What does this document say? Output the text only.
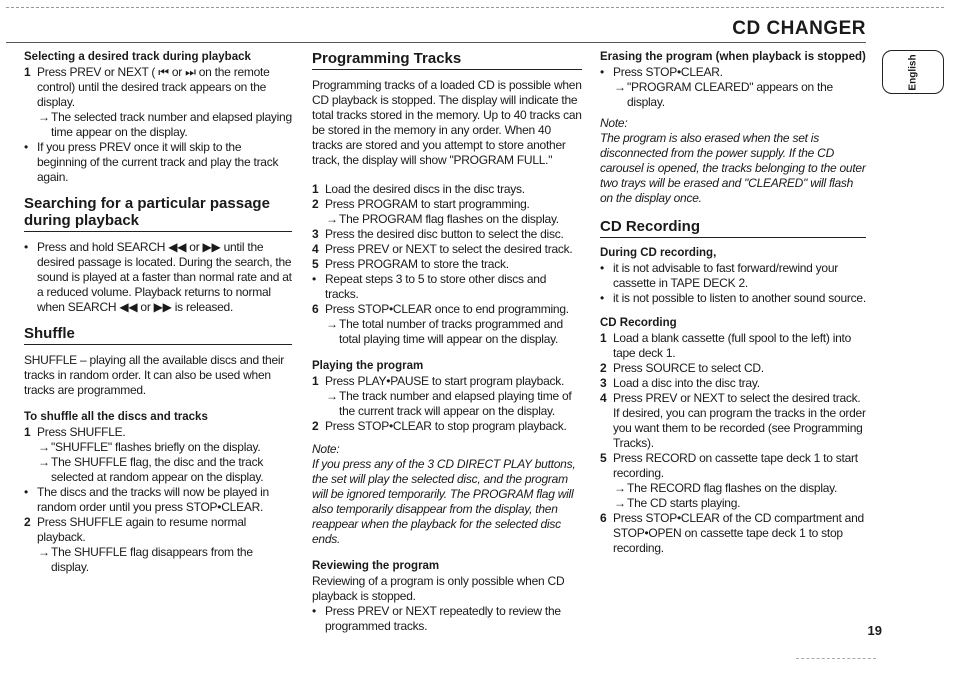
CD CHANGER
English

Selecting a desired track during playback

1 Press PREV or NEXT ( ⏮ or ⏭ on the remote control) until the desired track appears on the display.
→ The selected track number and elapsed playing time appear on the display.
• If you press PREV once it will skip to the beginning of the current track and play the track again.

Searching for a particular passage during playback

• Press and hold SEARCH ◀◀ or ▶▶ until the desired passage is located. During the search, the sound is played at a faster than normal rate and at a reduced volume. Playback returns to normal when SEARCH ◀◀ or ▶▶ is released.

Shuffle

SHUFFLE – playing all the available discs and their tracks in random order. It can also be used when tracks are programmed.

To shuffle all the discs and tracks

1 Press SHUFFLE.
→ "SHUFFLE" flashes briefly on the display.
→ The SHUFFLE flag, the disc and the track selected at random appear on the display.
• The discs and the tracks will now be played in random order until you press STOP•CLEAR.
2 Press SHUFFLE again to resume normal playback.
→ The SHUFFLE flag disappears from the display.

Programming Tracks

Programming tracks of a loaded CD is possible when CD playback is stopped. The display will indicate the total tracks stored in the memory. Up to 40 tracks can be stored in the memory in any order. When 40 tracks are stored and you attempt to store another track, the display will show "PROGRAM FULL."

1 Load the desired discs in the disc trays.
2 Press PROGRAM to start programming.
→ The PROGRAM flag flashes on the display.
3 Press the desired disc button to select the disc.
4 Press PREV or NEXT to select the desired track.
5 Press PROGRAM to store the track.
• Repeat steps 3 to 5 to store other discs and tracks.
6 Press STOP•CLEAR once to end programming.
→ The total number of tracks programmed and total playing time will appear on the display.

Playing the program

1 Press PLAY•PAUSE to start program playback.
→ The track number and elapsed playing time of the current track will appear on the display.
2 Press STOP•CLEAR to stop program playback.

Note:

If you press any of the 3 CD DIRECT PLAY buttons, the set will play the selected disc, and the program will be ignored temporarily. The PROGRAM flag will also temporarily disappear from the display, then reappear when the playback for the selected disc ends.

Reviewing the program

Reviewing of a program is only possible when CD playback is stopped.

• Press PREV or NEXT repeatedly to review the programmed tracks.

Erasing the program (when playback is stopped)

• Press STOP•CLEAR.
→ "PROGRAM CLEARED" appears on the display.

Note:

The program is also erased when the set is disconnected from the power supply. If the CD carousel is opened, the tracks belonging to the outer two trays will be erased and "CLEARED" will flash on the display once.

CD Recording

During CD recording,

• it is not advisable to fast forward/rewind your cassette in TAPE DECK 2.
• it is not possible to listen to another sound source.

CD Recording

1 Load a blank cassette (full spool to the left) into tape deck 1.
2 Press SOURCE to select CD.
3 Load a disc into the disc tray.
4 Press PREV or NEXT to select the desired track.
If desired, you can program the tracks in the order you want them to be recorded (see Programming Tracks).
5 Press RECORD on cassette tape deck 1 to start recording.
→ The RECORD flag flashes on the display.
→ The CD starts playing.
6 Press STOP•CLEAR of the CD compartment and STOP•OPEN on cassette tape deck 1 to stop recording.
19
